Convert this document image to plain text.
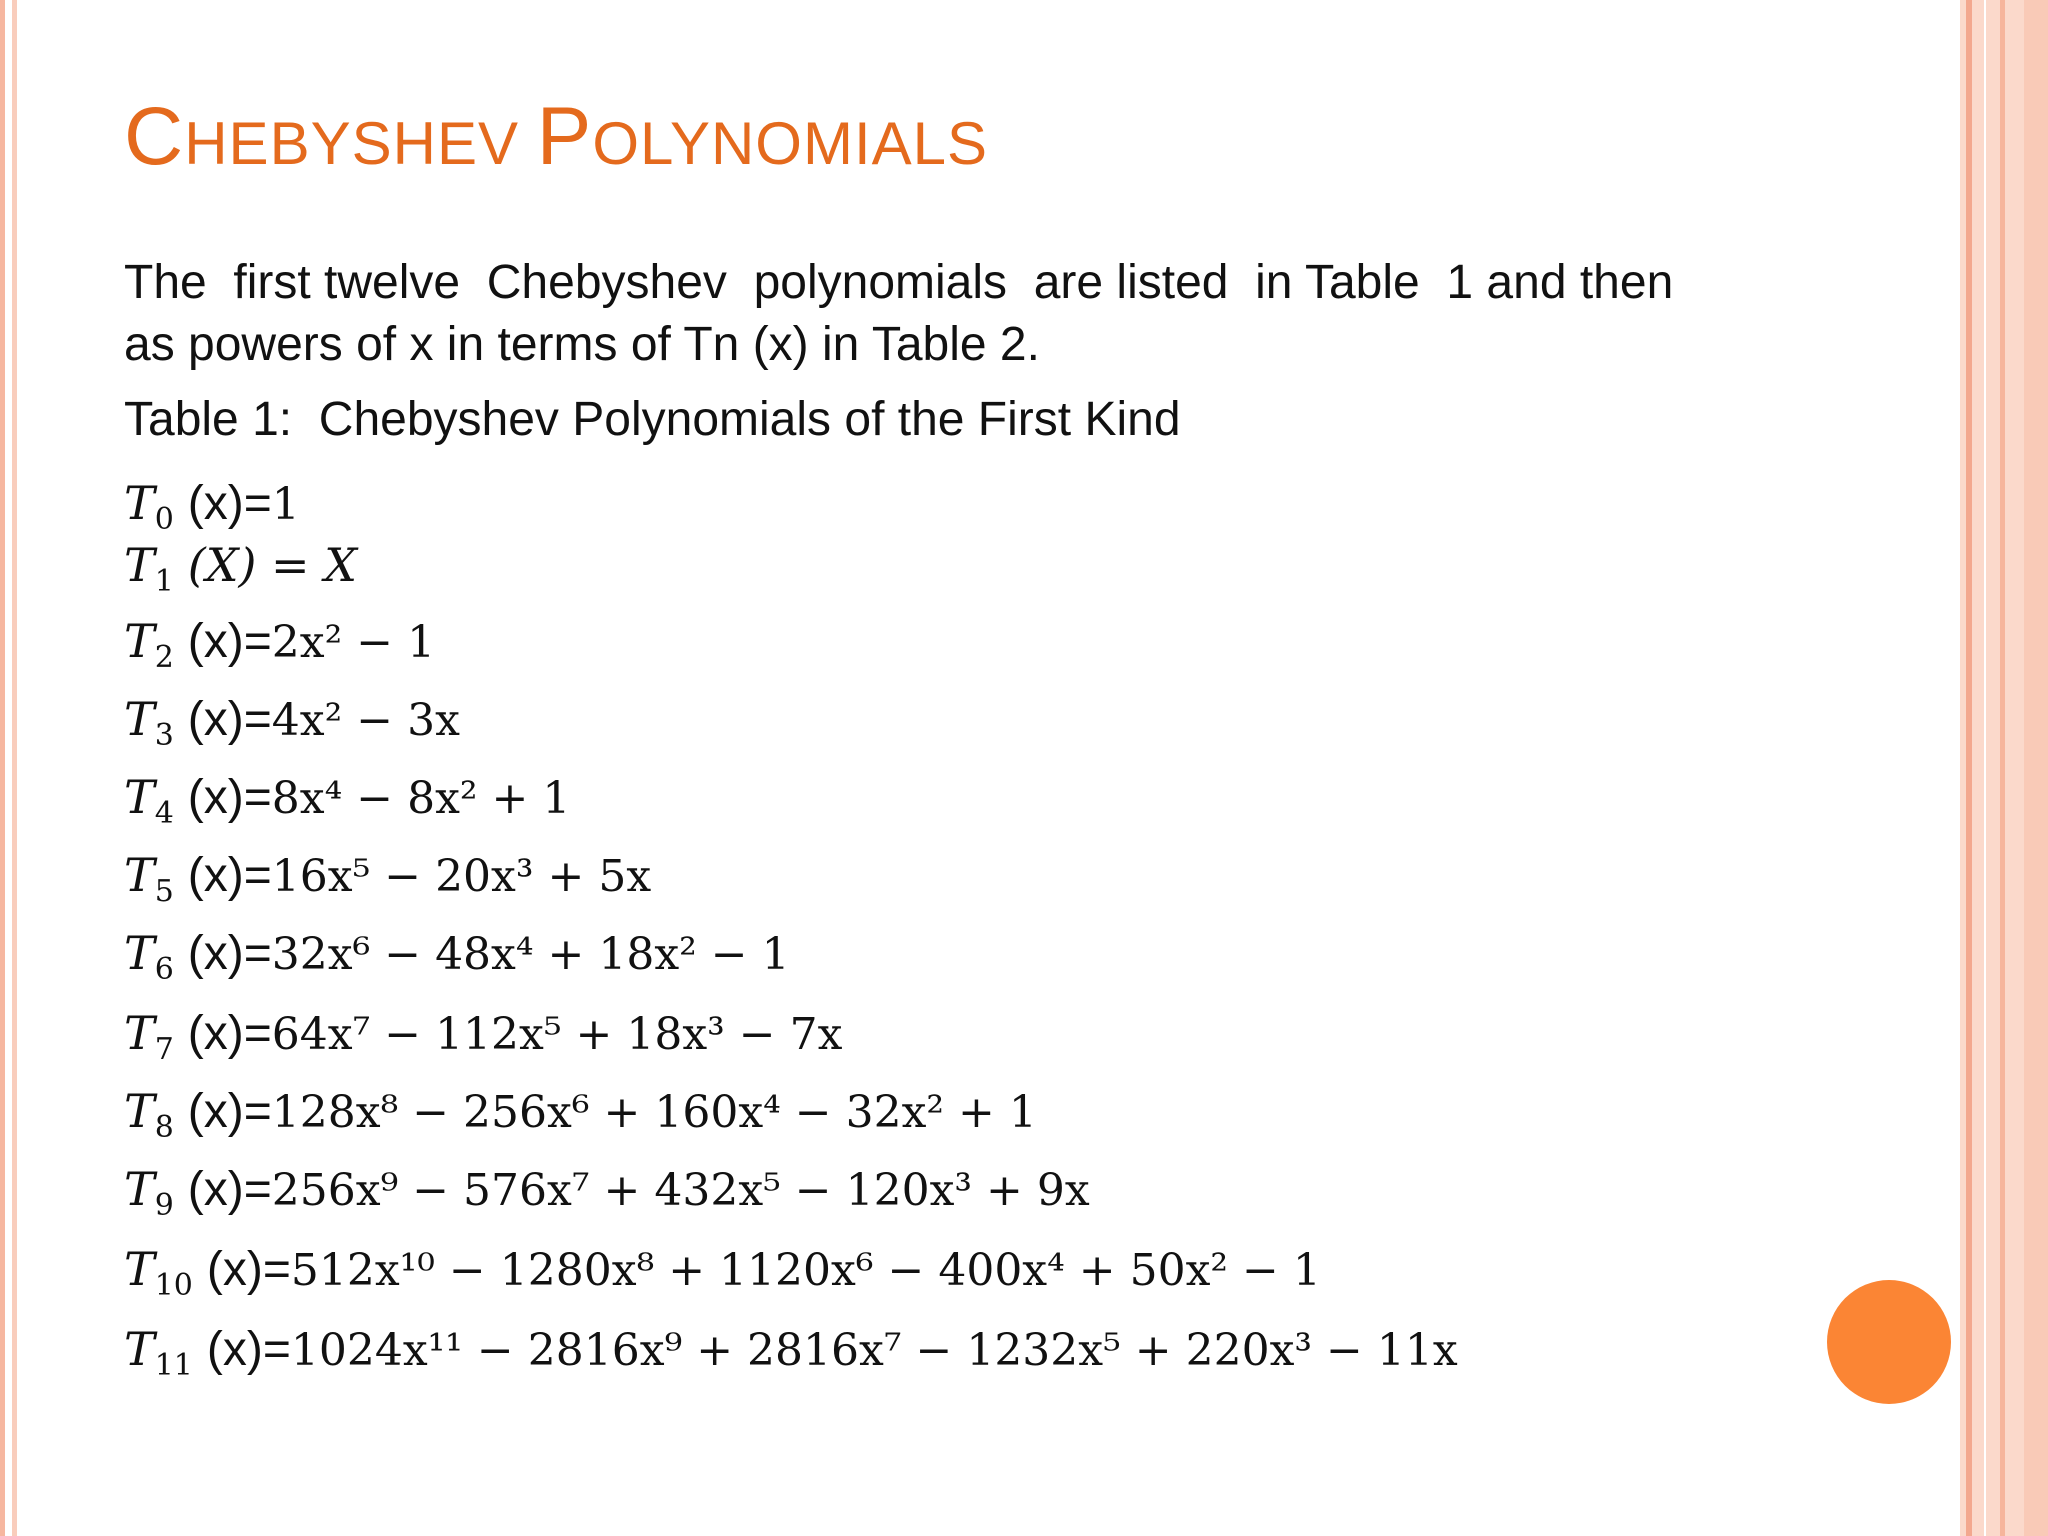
CHEBYSHEV POLYNOMIALS
The  first twelve  Chebyshev  polynomials  are listed  in Table  1 and then  as powers of x in terms of Tn (x) in Table 2.
Table 1:  Chebyshev Polynomials of the First Kind
$T_0$ (x)=1
$T_1$ (X) = X
$T_2$ (x)=2x² − 1
$T_3$ (x)=4x² − 3x
$T_4$ (x)=8x⁴ − 8x² + 1
$T_5$ (x)=16x⁵ − 20x³ + 5x
$T_6$ (x)=32x⁶ − 48x⁴ + 18x² − 1
$T_7$ (x)=64x⁷ − 112x⁵ + 18x³ − 7x
$T_8$ (x)=128x⁸ − 256x⁶ + 160x⁴ − 32x² + 1
$T_9$ (x)=256x⁹ − 576x⁷ + 432x⁵ − 120x³ + 9x
$T_{10}$ (x)=512x¹⁰ − 1280x⁸ + 1120x⁶ − 400x⁴ + 50x² − 1
$T_{11}$ (x)=1024x¹¹ − 2816x⁹ + 2816x⁷ − 1232x⁵ + 220x³ − 11x
